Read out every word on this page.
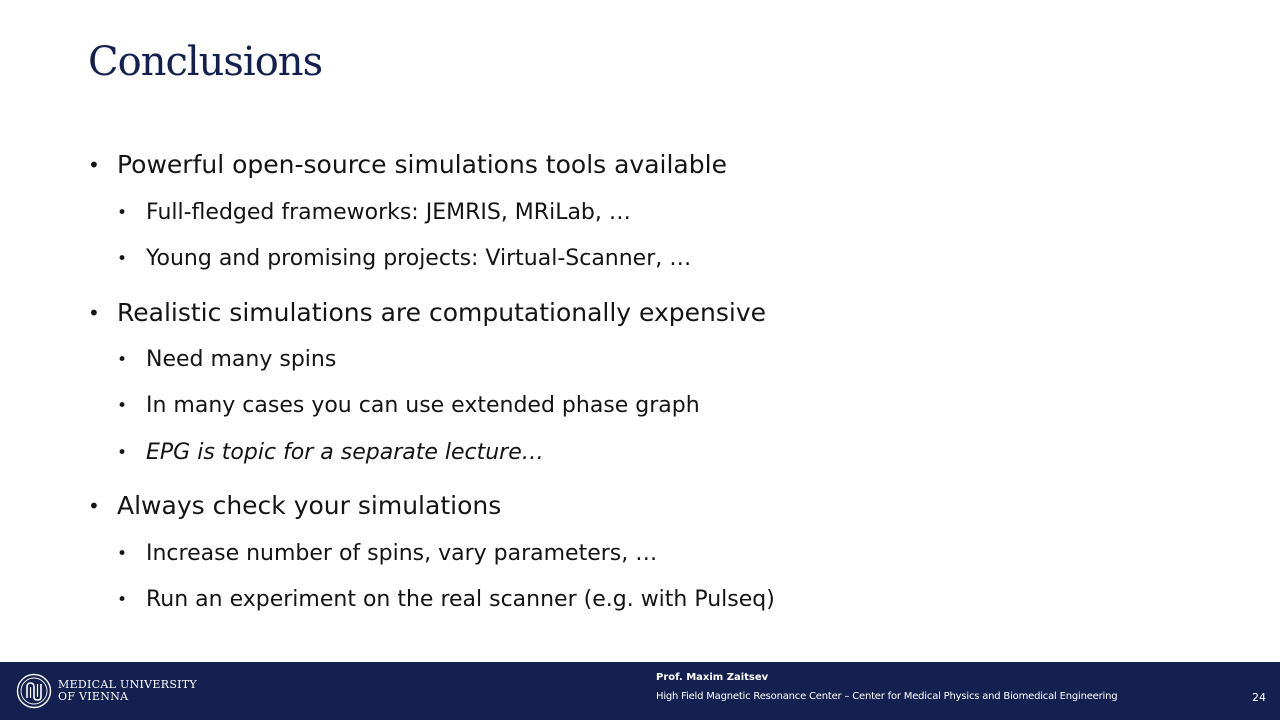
Conclusions
• Powerful open-source simulations tools available
• Full-fledged frameworks: JEMRIS, MRiLab, …
• Young and promising projects: Virtual-Scanner, …
• Realistic simulations are computationally expensive
• Need many spins
• In many cases you can use extended phase graph
• EPG is topic for a separate lecture…
• Always check your simulations
• Increase number of spins, vary parameters, …
• Run an experiment on the real scanner (e.g. with Pulseq)
MEDICAL UNIVERSITY
OF VIENNA
Prof. Maxim Zaitsev
High Field Magnetic Resonance Center – Center for Medical Physics and Biomedical Engineering	24
